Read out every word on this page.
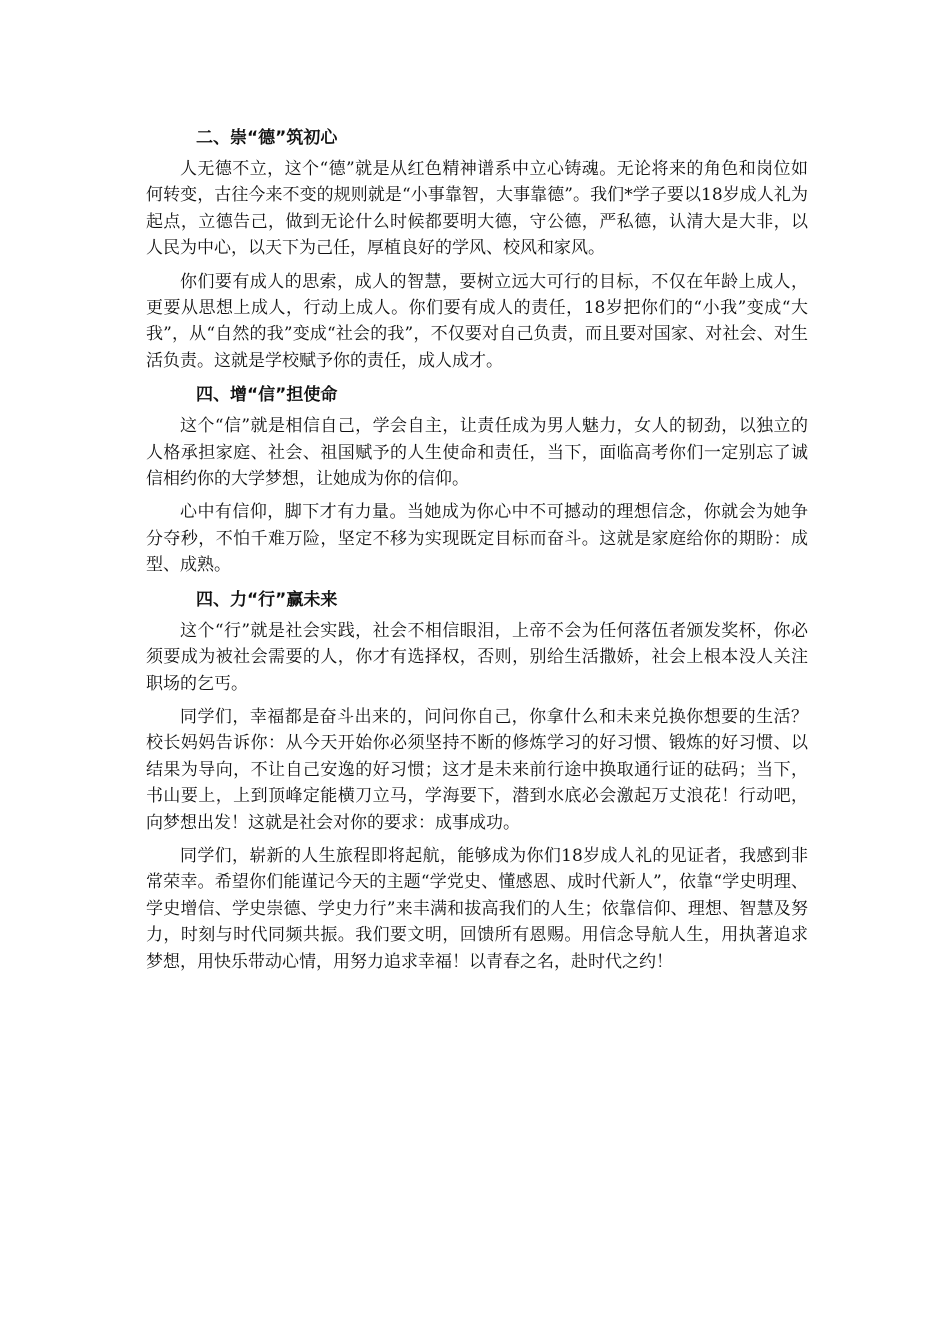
二、崇“德”筑初心

人无德不立，这个“德”就是从红色精神谱系中立心铸魂。无论将来的角色和岗位如何转变，古往今来不变的规则就是“小事靠智，大事靠德”。我们*学子要以18岁成人礼为起点，立德告己，做到无论什么时候都要明大德，守公德，严私德，认清大是大非，以人民为中心，以天下为己任，厚植良好的学风、校风和家风。

你们要有成人的思索，成人的智慧，要树立远大可行的目标，不仅在年龄上成人，更要从思想上成人，行动上成人。你们要有成人的责任，18岁把你们的“小我”变成“大我”，从“自然的我”变成“社会的我”，不仅要对自己负责，而且要对国家、对社会、对生活负责。这就是学校赋予你的责任，成人成才。

四、增“信”担使命

这个“信”就是相信自己，学会自主，让责任成为男人魅力，女人的韧劲，以独立的人格承担家庭、社会、祖国赋予的人生使命和责任，当下，面临高考你们一定别忘了诚信相约你的大学梦想，让她成为你的信仰。

心中有信仰，脚下才有力量。当她成为你心中不可撼动的理想信念，你就会为她争分夺秒，不怕千难万险，坚定不移为实现既定目标而奋斗。这就是家庭给你的期盼：成型、成熟。

四、力“行”赢未来

这个“行”就是社会实践，社会不相信眼泪，上帝不会为任何落伍者颁发奖杯，你必须要成为被社会需要的人，你才有选择权，否则，别给生活撒娇，社会上根本没人关注职场的乞丐。

同学们，幸福都是奋斗出来的，问问你自己，你拿什么和未来兑换你想要的生活？校长妈妈告诉你：从今天开始你必须坚持不断的修炼学习的好习惯、锻炼的好习惯、以结果为导向，不让自己安逸的好习惯；这才是未来前行途中换取通行证的砝码；当下，书山要上，上到顶峰定能横刀立马，学海要下，潜到水底必会激起万丈浪花！行动吧，向梦想出发！这就是社会对你的要求：成事成功。

同学们，崭新的人生旅程即将起航，能够成为你们18岁成人礼的见证者，我感到非常荣幸。希望你们能谨记今天的主题“学党史、懂感恩、成时代新人”，依靠“学史明理、学史增信、学史崇德、学史力行”来丰满和拔高我们的人生；依靠信仰、理想、智慧及努力，时刻与时代同频共振。我们要文明，回馈所有恩赐。用信念导航人生，用执著追求梦想，用快乐带动心情，用努力追求幸福！以青春之名，赴时代之约！
